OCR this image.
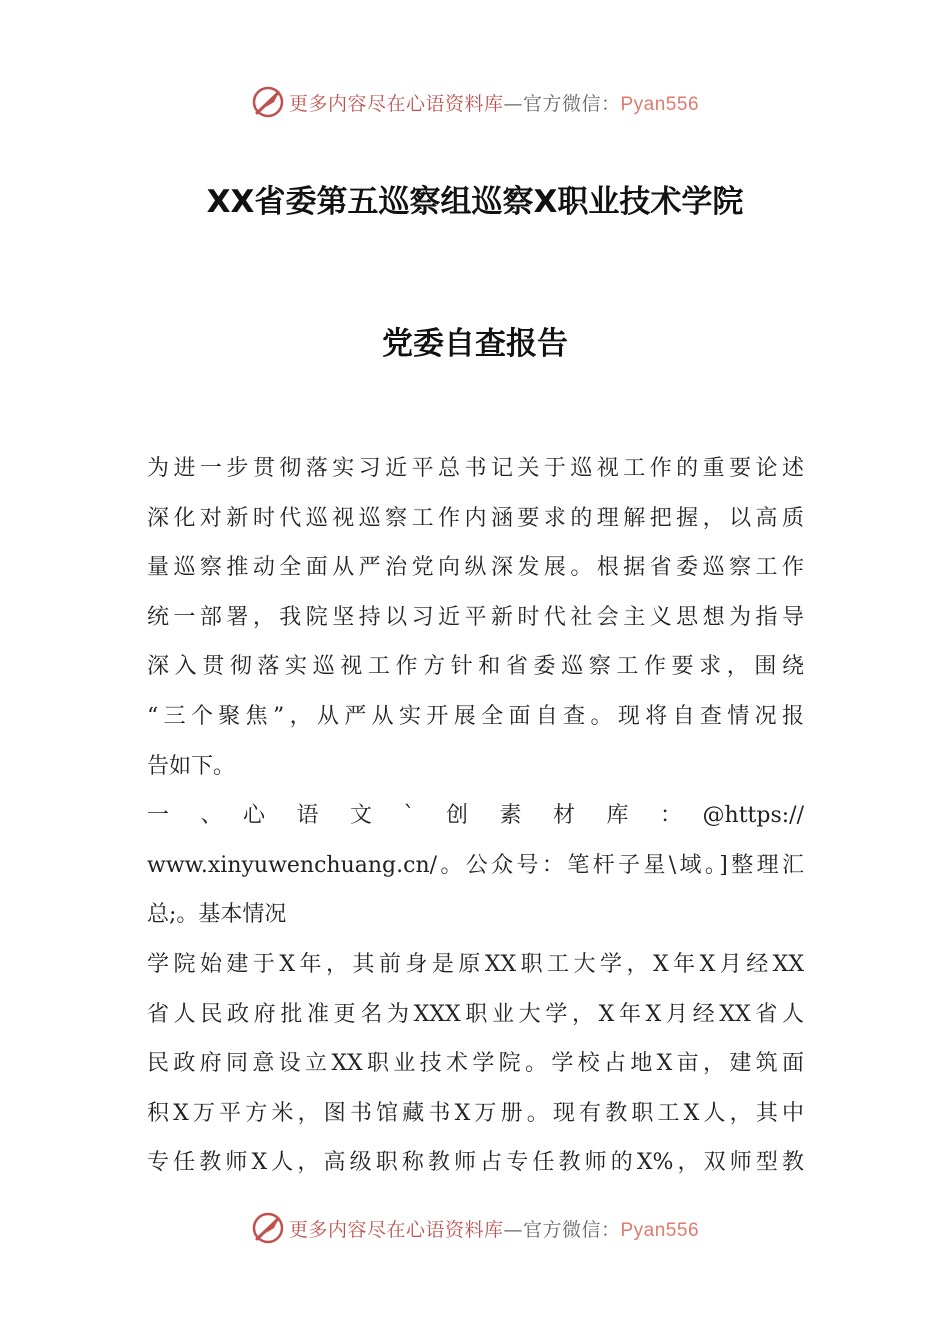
更多内容尽在心语资料库—官方微信：Pyan556
XX省委第五巡察组巡察X职业技术学院
党委自查报告
为进一步贯彻落实习近平总书记关于巡视工作的重要论述
深化对新时代巡视巡察工作内涵要求的理解把握，以高质
量巡察推动全面从严治党向纵深发展。根据省委巡察工作
统一部署，我院坚持以习近平新时代社会主义思想为指导
深入贯彻落实巡视工作方针和省委巡察工作要求，围绕
“三个聚焦”，从严从实开展全面自查。现将自查情况报
告如下。
一　、　心　语　文　`　创　素　材　库　：　@https://
www.xinyuwenchuang.cn/。公众号：笔杆子星\域。]整理汇
总;。基本情况
学院始建于X年，其前身是原XX职工大学，X年X月经XX
省人民政府批准更名为XXX职业大学，X年X月经XX省人
民政府同意设立XX职业技术学院。学校占地X亩，建筑面
积X万平方米，图书馆藏书X万册。现有教职工X人，其中
专任教师X人，高级职称教师占专任教师的X%，双师型教
更多内容尽在心语资料库—官方微信：Pyan556
